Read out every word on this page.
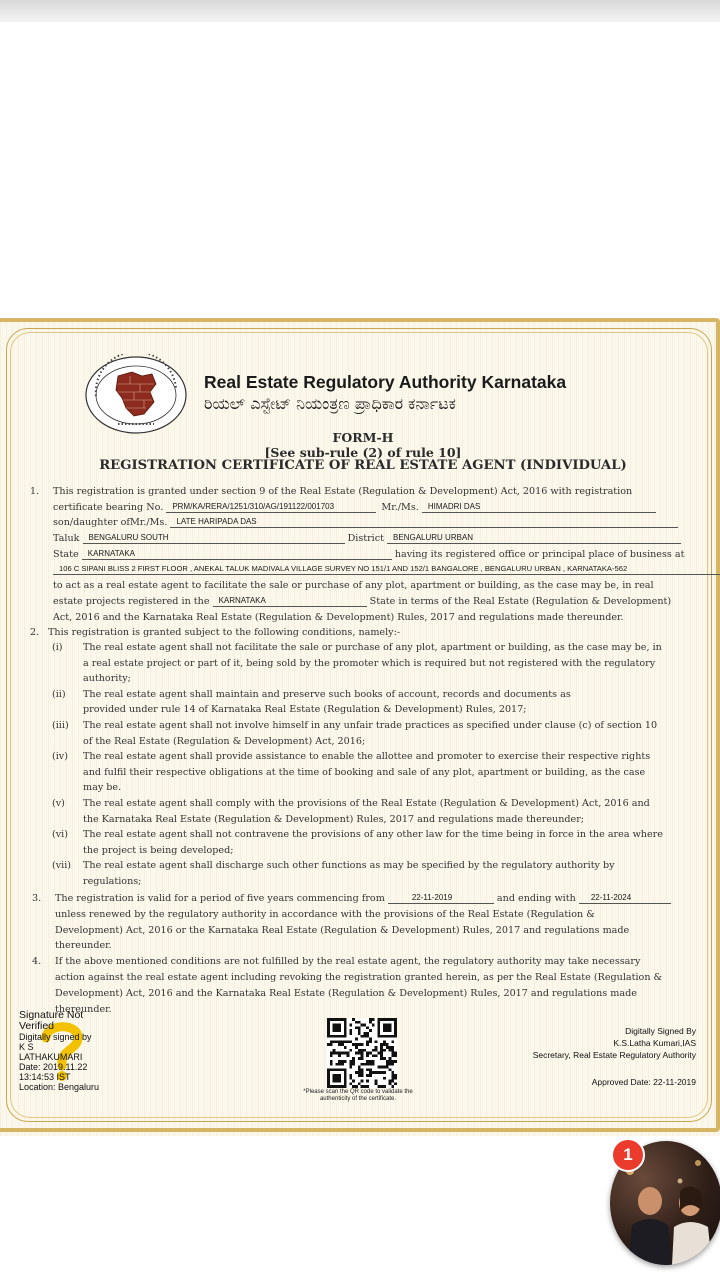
Real Estate Regulatory Authority Karnataka
ರಿಯಲ್ ಎಸ್ಟೇಟ್ ನಿಯಂತ್ರಣ ಪ್ರಾಧಿಕಾರ ಕರ್ನಾಟಕ
FORM-H
[See sub-rule (2) of rule 10]
REGISTRATION CERTIFICATE OF REAL ESTATE AGENT (INDIVIDUAL)
1. This registration is granted under section 9 of the Real Estate (Regulation & Development) Act, 2016 with registration
certificate bearing No. PRM/KA/RERA/1251/310/AG/191122/001703	Mr./Ms. HIMADRI DAS
son/daughter ofMr./Ms. LATE HARIPADA DAS
Taluk BENGALURU SOUTH	District BENGALURU URBAN
State KARNATAKA	having its registered office or principal place of business at
106 C SIPANI BLISS 2 FIRST FLOOR , ANEKAL TALUK MADIVALA VILLAGE SURVEY NO 151/1 AND 152/1 BANGALORE , BENGALURU URBAN , KARNATAKA-562
to act as a real estate agent to facilitate the sale or purchase of any plot, apartment or building, as the case may be, in real
estate projects registered in the KARNATAKA	State in terms of the Real Estate (Regulation & Development)
Act, 2016 and the Karnataka Real Estate (Regulation & Development) Rules, 2017 and regulations made thereunder.
2. This registration is granted subject to the following conditions, namely:-
(i) The real estate agent shall not facilitate the sale or purchase of any plot, apartment or building, as the case may be, in
a real estate project or part of it, being sold by the promoter which is required but not registered with the regulatory
authority;
(ii) The real estate agent shall maintain and preserve such books of account, records and documents as
provided under rule 14 of Karnataka Real Estate (Regulation & Development) Rules, 2017;
(iii) The real estate agent shall not involve himself in any unfair trade practices as specified under clause (c) of section 10
of the Real Estate (Regulation & Development) Act, 2016;
(iv) The real estate agent shall provide assistance to enable the allottee and promoter to exercise their respective rights
and fulfil their respective obligations at the time of booking and sale of any plot, apartment or building, as the case
may be.
(v) The real estate agent shall comply with the provisions of the Real Estate (Regulation & Development) Act, 2016 and
the Karnataka Real Estate (Regulation & Development) Rules, 2017 and regulations made thereunder;
(vi) The real estate agent shall not contravene the provisions of any other law for the time being in force in the area where
the project is being developed;
(vii) The real estate agent shall discharge such other functions as may be specified by the regulatory authority by
regulations;
3. The registration is valid for a period of five years commencing from	22-11-2019	and ending with 22-11-2024
unless renewed by the regulatory authority in accordance with the provisions of the Real Estate (Regulation &
Development) Act, 2016 or the Karnataka Real Estate (Regulation & Development) Rules, 2017 and regulations made
thereunder.
4. If the above mentioned conditions are not fulfilled by the real estate agent, the regulatory authority may take necessary
action against the real estate agent including revoking the registration granted herein, as per the Real Estate (Regulation &
Development) Act, 2016 and the Karnataka Real Estate (Regulation & Development) Rules, 2017 and regulations made
thereunder.
Signature Not Verified
Digitally signed by
K S
LATHAKUMARI
Date: 2019.11.22
13:14:53 IST
Location: Bengaluru	*Please scan the QR code to validate the authenticity of the certificate.
Digitally Signed By
K.S.Latha Kumari,IAS
Secretary, Real Estate Regulatory Authority
Approved Date: 22-11-2019
1
